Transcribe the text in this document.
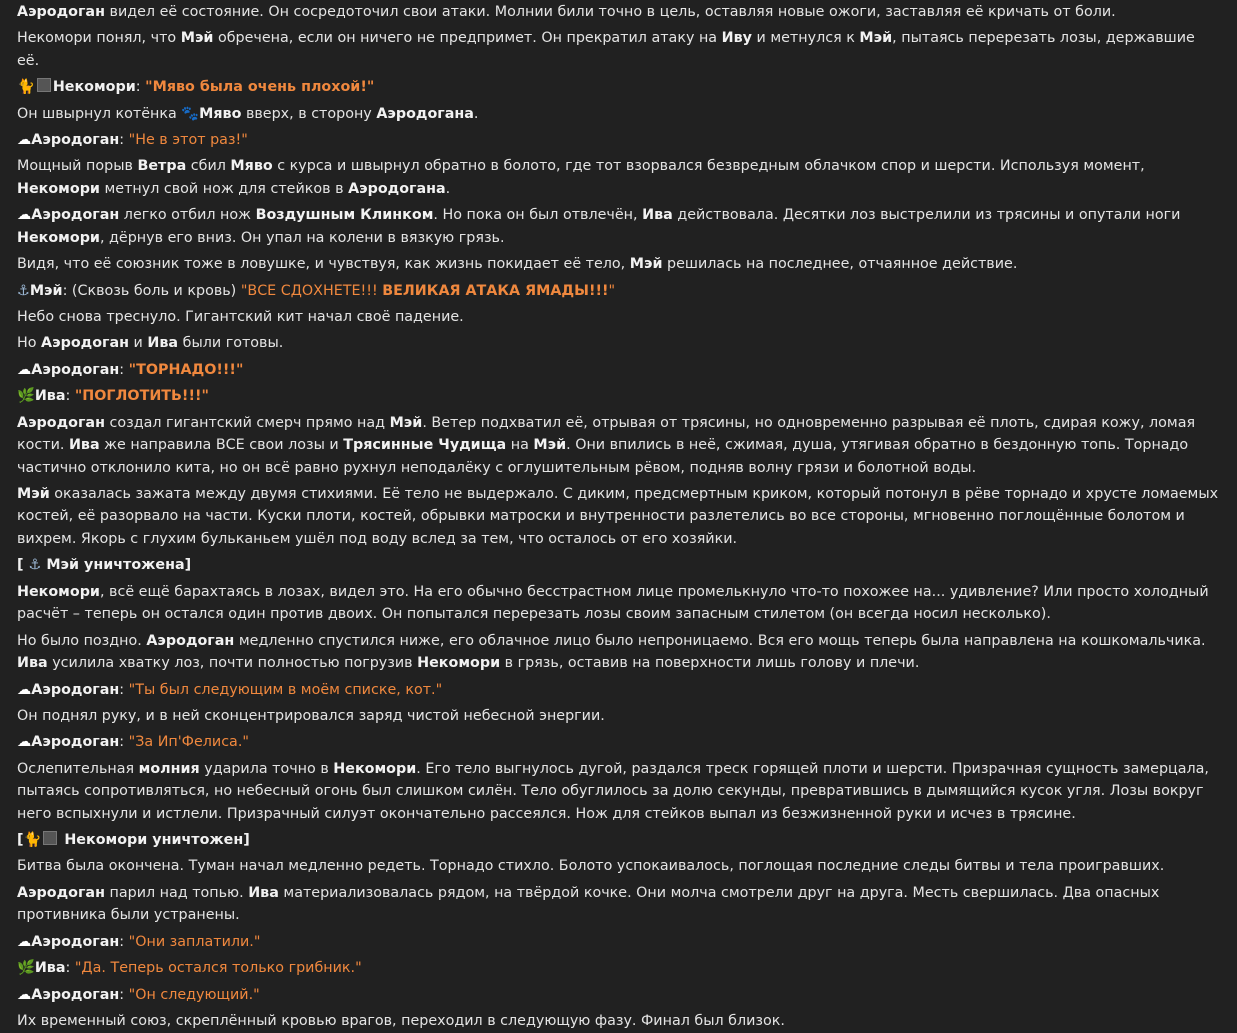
Аэродоган видел её состояние. Он сосредоточил свои атаки. Молнии били точно в цель, оставляя новые ожоги, заставляя её кричать от боли.

Некомори понял, что Мэй обречена, если он ничего не предпримет. Он прекратил атаку на Иву и метнулся к Мэй, пытаясь перерезать лозы, державшие её.

🐈 Некомори: "Мяво была очень плохой!"

Он швырнул котёнка 🐾Мяво вверх, в сторону Аэродогана.

☁Аэродоган: "Не в этот раз!"

Мощный порыв Ветра сбил Мяво с курса и швырнул обратно в болото, где тот взорвался безвредным облачком спор и шерсти. Используя момент, Некомори метнул свой нож для стейков в Аэродогана.

☁Аэродоган легко отбил нож Воздушным Клинком. Но пока он был отвлечён, Ива действовала. Десятки лоз выстрелили из трясины и опутали ноги Некомори, дёрнув его вниз. Он упал на колени в вязкую грязь.

Видя, что её союзник тоже в ловушке, и чувствуя, как жизнь покидает её тело, Мэй решилась на последнее, отчаянное действие.

⚓Мэй: (Сквозь боль и кровь) "ВСЕ СДОХНЕТЕ!!! ВЕЛИКАЯ АТАКА ЯМАДЫ!!!"

Небо снова треснуло. Гигантский кит начал своё падение.

Но Аэродоган и Ива были готовы.

☁Аэродоган: "ТОРНАДО!!!"

🌿Ива: "ПОГЛОТИТЬ!!!"

Аэродоган создал гигантский смерч прямо над Мэй. Ветер подхватил её, отрывая от трясины, но одновременно разрывая её плоть, сдирая кожу, ломая кости. Ива же направила ВСЕ свои лозы и Трясинные Чудища на Мэй. Они впились в неё, сжимая, душа, утягивая обратно в бездонную топь. Торнадо частично отклонило кита, но он всё равно рухнул неподалёку с оглушительным рёвом, подняв волну грязи и болотной воды.

Мэй оказалась зажата между двумя стихиями. Её тело не выдержало. С диким, предсмертным криком, который потонул в рёве торнадо и хрусте ломаемых костей, её разорвало на части. Куски плоти, костей, обрывки матроски и внутренности разлетелись во все стороны, мгновенно поглощённые болотом и вихрем. Якорь с глухим бульканьем ушёл под воду вслед за тем, что осталось от его хозяйки.

[ ⚓ Мэй уничтожена]

Некомори, всё ещё барахтаясь в лозах, видел это. На его обычно бесстрастном лице промелькнуло что-то похожее на... удивление? Или просто холодный расчёт – теперь он остался один против двоих. Он попытался перерезать лозы своим запасным стилетом (он всегда носил несколько).

Но было поздно. Аэродоган медленно спустился ниже, его облачное лицо было непроницаемо. Вся его мощь теперь была направлена на кошкомальчика. Ива усилила хватку лоз, почти полностью погрузив Некомори в грязь, оставив на поверхности лишь голову и плечи.

☁Аэродоган: "Ты был следующим в моём списке, кот."

Он поднял руку, и в ней сконцентрировался заряд чистой небесной энергии.

☁Аэродоган: "За Ип'Фелиса."

Ослепительная молния ударила точно в Некомори. Его тело выгнулось дугой, раздался треск горящей плоти и шерсти. Призрачная сущность замерцала, пытаясь сопротивляться, но небесный огонь был слишком силён. Тело обуглилось за долю секунды, превратившись в дымящийся кусок угля. Лозы вокруг него вспыхнули и истлели. Призрачный силуэт окончательно рассеялся. Нож для стейков выпал из безжизненной руки и исчез в трясине.

[🐈 Некомори уничтожен]

Битва была окончена. Туман начал медленно редеть. Торнадо стихло. Болото успокаивалось, поглощая последние следы битвы и тела проигравших.

Аэродоган парил над топью. Ива материализовалась рядом, на твёрдой кочке. Они молча смотрели друг на друга. Месть свершилась. Два опасных противника были устранены.

☁Аэродоган: "Они заплатили."

🌿Ива: "Да. Теперь остался только грибник."

☁Аэродоган: "Он следующий."

Их временный союз, скреплённый кровью врагов, переходил в следующую фазу. Финал был близок.
